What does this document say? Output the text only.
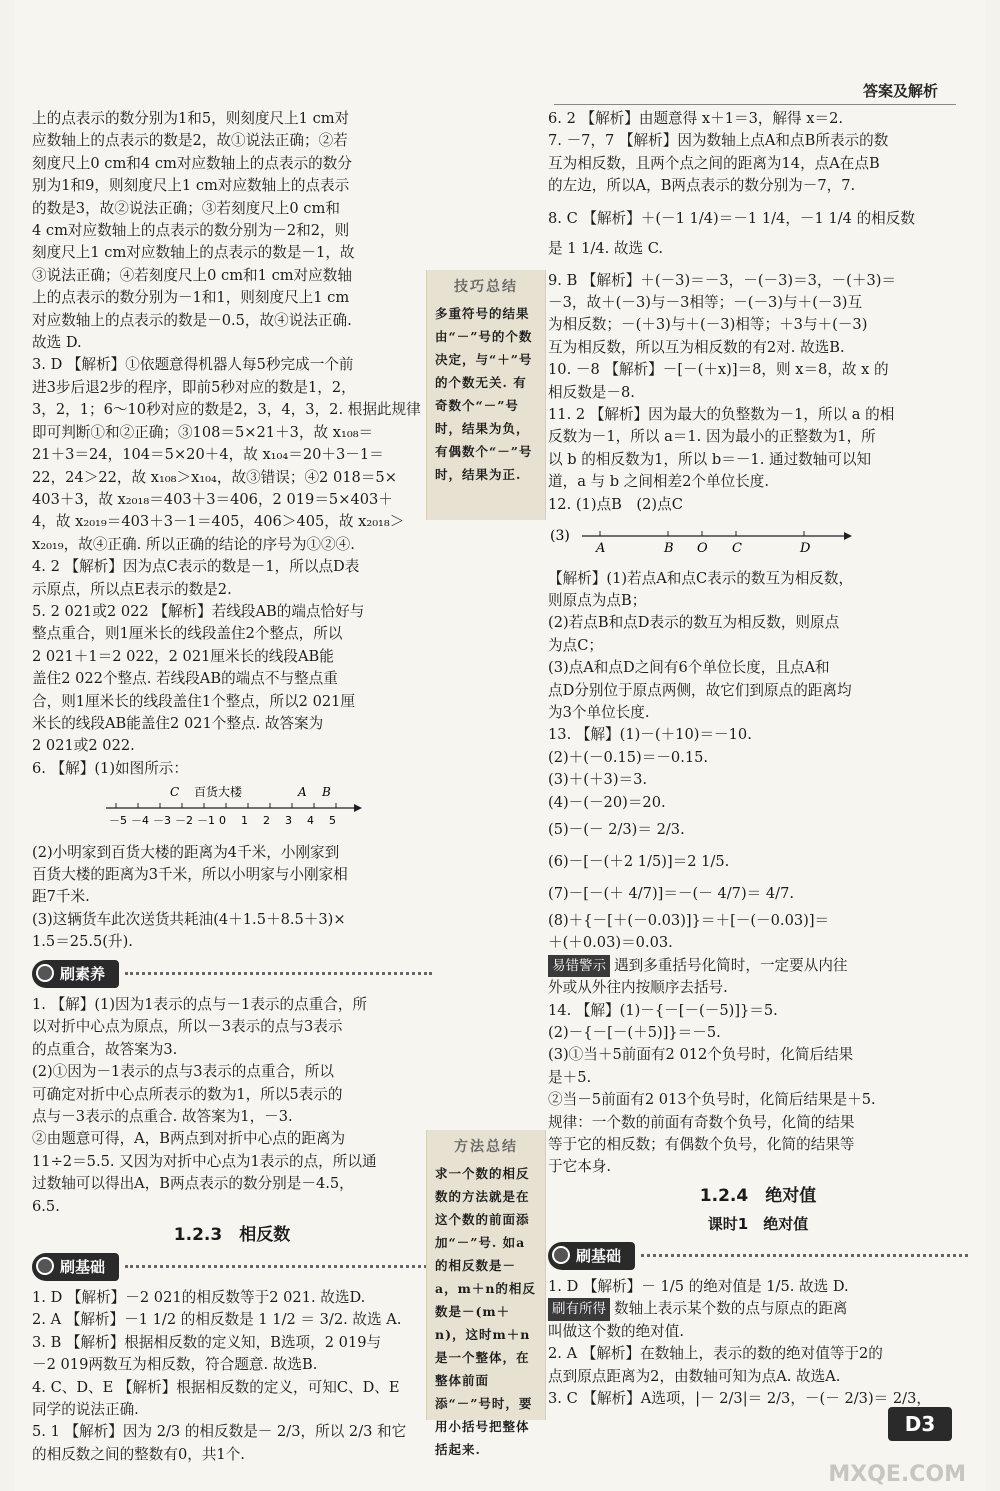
答案及解析

上的点表示的数分别为1和5，则刻度尺上1 cm对

应数轴上的点表示的数是2，故①说法正确；②若

刻度尺上0 cm和4 cm对应数轴上的点表示的数分

别为1和9，则刻度尺上1 cm对应数轴上的点表示

的数是3，故②说法正确；③若刻度尺上0 cm和

4 cm对应数轴上的点表示的数分别为－2和2，则

刻度尺上1 cm对应数轴上的点表示的数是－1，故

③说法正确；④若刻度尺上0 cm和1 cm对应数轴

上的点表示的数分别为－1和1，则刻度尺上1 cm

对应数轴上的点表示的数是－0.5，故④说法正确.

故选 D.

3. D 【解析】①依题意得机器人每5秒完成一个前

进3步后退2步的程序，即前5秒对应的数是1，2，

3，2，1；6～10秒对应的数是2，3，4，3，2. 根据此规律

即可判断①和②正确；③108＝5×21＋3，故 x₁₀₈＝

21＋3＝24，104＝5×20＋4，故 x₁₀₄＝20＋3－1＝

22，24＞22，故 x₁₀₈＞x₁₀₄，故③错误；④2 018＝5×

403＋3，故 x₂₀₁₈＝403＋3＝406，2 019＝5×403＋

4，故 x₂₀₁₉＝403＋3－1＝405，406＞405，故 x₂₀₁₈＞

x₂₀₁₉，故④正确. 所以正确的结论的序号为①②④.

4. 2 【解析】因为点C表示的数是－1，所以点D表

示原点，所以点E表示的数是2.

5. 2 021或2 022 【解析】若线段AB的端点恰好与

整点重合，则1厘米长的线段盖住2个整点，所以

2 021＋1＝2 022，2 021厘米长的线段AB能

盖住2 022个整点. 若线段AB的端点不与整点重

合，则1厘米长的线段盖住1个整点，所以2 021厘

米长的线段AB能盖住2 021个整点. 故答案为

2 021或2 022.

6. 【解】(1)如图所示：

C 百货大楼	A B
－5 －4 －3 －2 －1 0 1 2 3 4 5

(2)小明家到百货大楼的距离为4千米，小刚家到

百货大楼的距离为3千米，所以小明家与小刚家相

距7千米.

(3)这辆货车此次送货共耗油(4＋1.5＋8.5＋3)×

1.5＝25.5(升).

刷素养

1. 【解】(1)因为1表示的点与－1表示的点重合，所

以对折中心点为原点，所以－3表示的点与3表示

的点重合，故答案为3.

(2)①因为－1表示的点与3表示的点重合，所以

可确定对折中心点所表示的数为1，所以5表示的

点与－3表示的点重合. 故答案为1，－3.

②由题意可得，A，B两点到对折中心点的距离为

11÷2＝5.5. 又因为对折中心点为1表示的点，所以通

过数轴可以得出A，B两点表示的数分别是－4.5，

6.5.

1.2.3　相反数
刷基础

1. D 【解析】－2 021的相反数等于2 021. 故选D.

2. A 【解析】－1 1/2 的相反数是 1 1/2 ＝ 3/2. 故选 A.

3. B 【解析】根据相反数的定义知，B选项，2 019与

－2 019两数互为相反数，符合题意. 故选B.

4. C、D、E 【解析】根据相反数的定义，可知C、D、E

同学的说法正确.

5. 1 【解析】因为 2/3 的相反数是－ 2/3，所以 2/3 和它

的相反数之间的整数有0，共1个.

技巧总结
多重符号的结果由“－”号的个数决定，与“＋”号的个数无关. 有奇数个“－”号时，结果为负，有偶数个“－”号时，结果为正.
方法总结
求一个数的相反数的方法就是在这个数的前面添加“－”号. 如a的相反数是－a，m＋n的相反数是－(m＋n)，这时m＋n是一个整体，在整体前面添“－”号时，要用小括号把整体括起来.

6. 2 【解析】由题意得 x＋1＝3，解得 x＝2.

7. －7，7 【解析】因为数轴上点A和点B所表示的数

互为相反数，且两个点之间的距离为14，点A在点B

的左边，所以A，B两点表示的数分别为－7，7.

8. C 【解析】＋(－1 1/4)＝－1 1/4，－1 1/4 的相反数

是 1 1/4. 故选 C.

9. B 【解析】＋(－3)＝－3，－(－3)＝3，－(＋3)＝

－3，故＋(－3)与－3相等；－(－3)与＋(－3)互

为相反数；－(＋3)与＋(－3)相等；＋3与＋(－3)

互为相反数，所以互为相反数的有2对. 故选B.

10. －8 【解析】－[－(＋x)]＝8，则 x＝8，故 x 的

相反数是－8.

11. 2 【解析】因为最大的负整数为－1，所以 a 的相

反数为－1，所以 a＝1. 因为最小的正整数为1，所

以 b 的相反数为1，所以 b＝－1. 通过数轴可以知

道，a 与 b 之间相差2个单位长度.

12. (1)点B　(2)点C

(3)
A	B O C	D

【解析】(1)若点A和点C表示的数互为相反数，

则原点为点B；

(2)若点B和点D表示的数互为相反数，则原点

为点C；

(3)点A和点D之间有6个单位长度，且点A和

点D分别位于原点两侧，故它们到原点的距离均

为3个单位长度.

13. 【解】(1)－(＋10)＝－10.

(2)＋(－0.15)＝－0.15.

(3)＋(＋3)＝3.

(4)－(－20)＝20.

(5)－(－ 2/3)＝ 2/3.

(6)－[－(＋2 1/5)]＝2 1/5.

(7)－[－(＋ 4/7)]＝－(－ 4/7)＝ 4/7.

(8)＋{－[＋(－0.03)]}＝＋[－(－0.03)]＝

＋(＋0.03)＝0.03.

易错警示 遇到多重括号化简时，一定要从内往

外或从外往内按顺序去括号.

14. 【解】(1)－{－[－(－5)]}＝5.

(2)－{－[－(＋5)]}＝－5.

(3)①当＋5前面有2 012个负号时，化简后结果

是＋5.

②当－5前面有2 013个负号时，化简后结果是＋5.

规律：一个数的前面有奇数个负号，化简的结果

等于它的相反数；有偶数个负号，化简的结果等

于它本身.

1.2.4　绝对值
课时1　绝对值
刷基础

1. D 【解析】－ 1/5 的绝对值是 1/5. 故选 D.

刷有所得 数轴上表示某个数的点与原点的距离

叫做这个数的绝对值.

2. A 【解析】在数轴上，表示的数的绝对值等于2的

点到原点距离为2，由数轴可知为点A. 故选A.

3. C 【解析】A选项，|－ 2/3|＝ 2/3，－(－ 2/3)＝ 2/3，

D3
MXQE.COM
